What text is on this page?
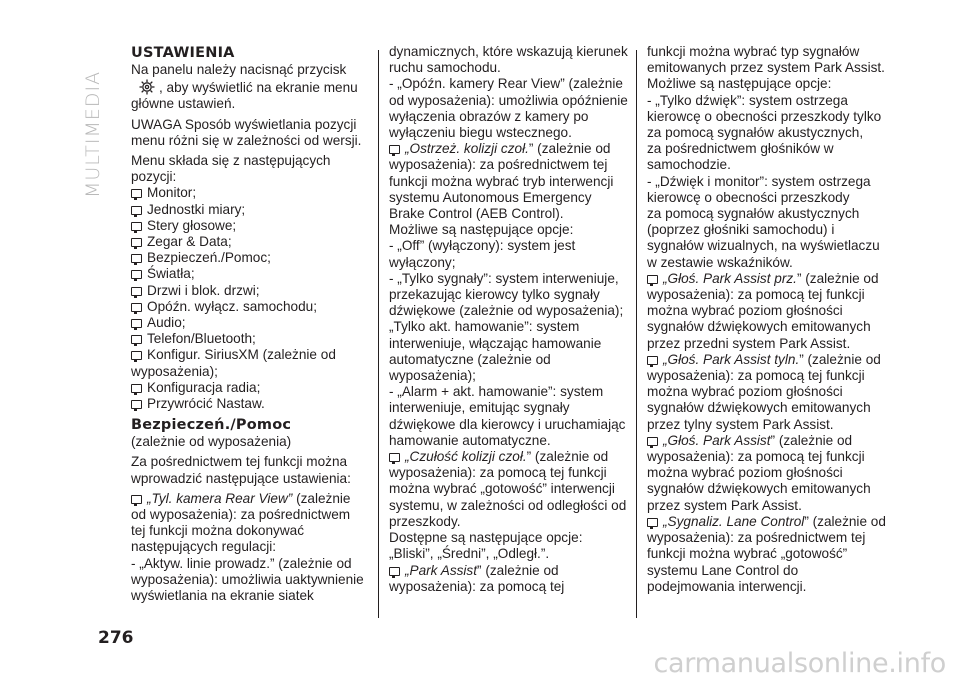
MULTIMEDIA
276
carmanualsonline.info
USTAWIENIA
Na panelu należy nacisnąć przycisk
, aby wyświetlić na ekranie menu
główne ustawień.
UWAGA Sposób wyświetlania pozycji
menu różni się w zależności od wersji.
Menu składa się z następujących
pozycji:
Monitor;
Jednostki miary;
Stery głosowe;
Zegar & Data;
Bezpieczeń./Pomoc;
Światła;
Drzwi i blok. drzwi;
Opóźn. wyłącz. samochodu;
Audio;
Telefon/Bluetooth;
Konfigur. SiriusXM (zależnie od
wyposażenia);
Konfiguracja radia;
Przywrócić Nastaw.
Bezpieczeń./Pomoc
(zależnie od wyposażenia)
Za pośrednictwem tej funkcji można
wprowadzić następujące ustawienia:
„Tyl. kamera Rear View” (zależnie
od wyposażenia): za pośrednictwem
tej funkcji można dokonywać
następujących regulacji:
- „Aktyw. linie prowadz.” (zależnie od
wyposażenia): umożliwia uaktywnienie
wyświetlania na ekranie siatek
dynamicznych, które wskazują kierunek
ruchu samochodu.
- „Opóźn. kamery Rear View” (zależnie
od wyposażenia): umożliwia opóźnienie
wyłączenia obrazów z kamery po
wyłączeniu biegu wstecznego.
„Ostrzeż. kolizji czoł.” (zależnie od
wyposażenia): za pośrednictwem tej
funkcji można wybrać tryb interwencji
systemu Autonomous Emergency
Brake Control (AEB Control).
Możliwe są następujące opcje:
- „Off” (wyłączony): system jest
wyłączony;
- „Tylko sygnały”: system interweniuje,
przekazując kierowcy tylko sygnały
dźwiękowe (zależnie od wyposażenia);
„Tylko akt. hamowanie”: system
interweniuje, włączając hamowanie
automatyczne (zależnie od
wyposażenia);
- „Alarm + akt. hamowanie”: system
interweniuje, emitując sygnały
dźwiękowe dla kierowcy i uruchamiając
hamowanie automatyczne.
„Czułość kolizji czoł.” (zależnie od
wyposażenia): za pomocą tej funkcji
można wybrać „gotowość” interwencji
systemu, w zależności od odległości od
przeszkody.
Dostępne są następujące opcje:
„Bliski”, „Średni”, „Odległ.”.
„Park Assist” (zależnie od
wyposażenia): za pomocą tej
funkcji można wybrać typ sygnałów
emitowanych przez system Park Assist.
Możliwe są następujące opcje:
- „Tylko dźwięk”: system ostrzega
kierowcę o obecności przeszkody tylko
za pomocą sygnałów akustycznych,
za pośrednictwem głośników w
samochodzie.
- „Dźwięk i monitor”: system ostrzega
kierowcę o obecności przeszkody
za pomocą sygnałów akustycznych
(poprzez głośniki samochodu) i
sygnałów wizualnych, na wyświetlaczu
w zestawie wskaźników.
„Głoś. Park Assist prz.” (zależnie od
wyposażenia): za pomocą tej funkcji
można wybrać poziom głośności
sygnałów dźwiękowych emitowanych
przez przedni system Park Assist.
„Głoś. Park Assist tyln.” (zależnie od
wyposażenia): za pomocą tej funkcji
można wybrać poziom głośności
sygnałów dźwiękowych emitowanych
przez tylny system Park Assist.
„Głoś. Park Assist” (zależnie od
wyposażenia): za pomocą tej funkcji
można wybrać poziom głośności
sygnałów dźwiękowych emitowanych
przez system Park Assist.
„Sygnaliz. Lane Control” (zależnie od
wyposażenia): za pośrednictwem tej
funkcji można wybrać „gotowość”
systemu Lane Control do
podejmowania interwencji.
